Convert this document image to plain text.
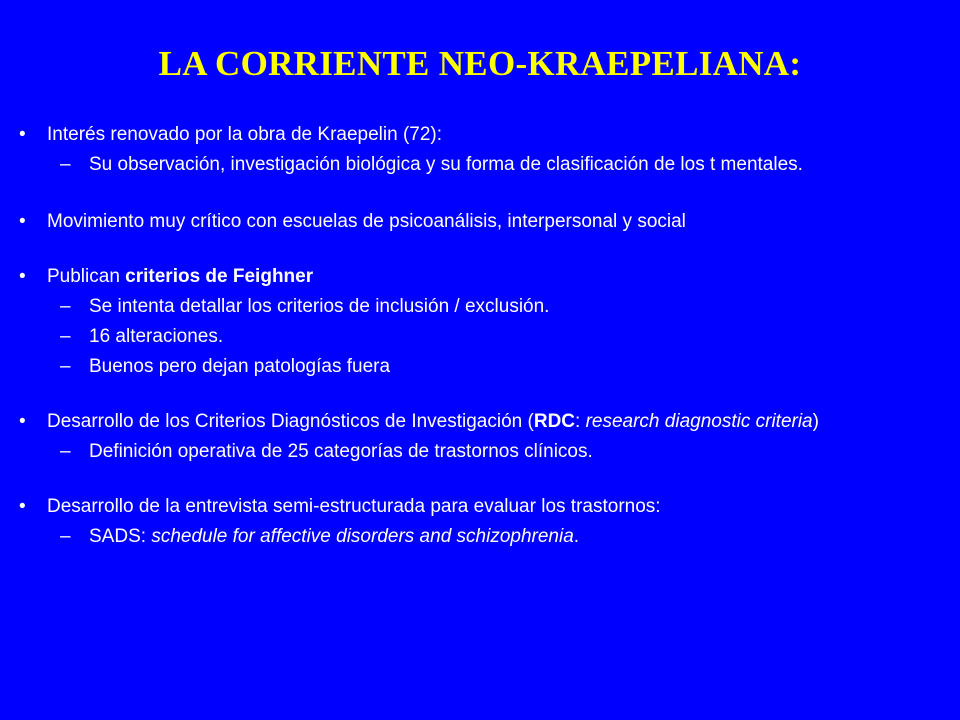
LA CORRIENTE NEO-KRAEPELIANA:
• Interés renovado por la obra de Kraepelin (72):
– Su observación, investigación biológica y su forma de clasificación de los t mentales.
• Movimiento muy crítico con escuelas de psicoanálisis, interpersonal y social
• Publican criterios de Feighner
– Se intenta detallar los criterios de inclusión / exclusión.
– 16 alteraciones.
– Buenos pero dejan patologías fuera
• Desarrollo de los Criterios Diagnósticos de Investigación (RDC: research diagnostic criteria)
– Definición operativa de 25 categorías de trastornos clínicos.
• Desarrollo de la entrevista semi-estructurada para evaluar los trastornos:
– SADS: schedule for affective disorders and schizophrenia.
